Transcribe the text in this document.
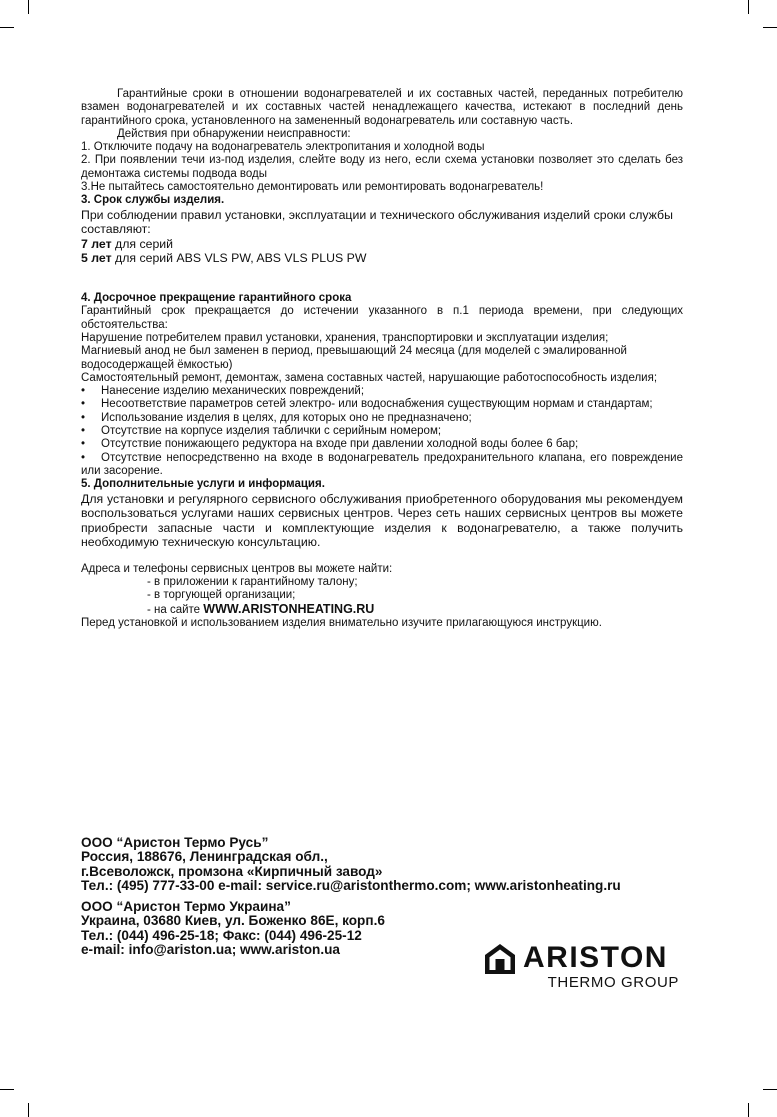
Гарантийные сроки в отношении водонагревателей и их составных частей, переданных потребителю взамен водонагревателей и их составных частей ненадлежащего качества, истекают в последний день гарантийного срока, установленного на замененный водонагреватель или составную часть.

Действия при обнаружении неисправности:

1. Отключите подачу на водонагреватель электропитания и холодной воды

2. При появлении течи из-под изделия, слейте воду из него, если схема установки позволяет это сделать без демонтажа системы подвода воды

3.Не пытайтесь самостоятельно демонтировать или ремонтировать водонагреватель!

3. Срок службы изделия.

При соблюдении правил установки, эксплуатации и технического обслуживания изделий сроки службы составляют:

7 лет для серий

5 лет для серий ABS VLS PW, ABS VLS PLUS PW

4. Досрочное прекращение гарантийного срока

Гарантийный срок прекращается до истечении указанного в п.1 периода времени, при следующих обстоятельства:

Нарушение потребителем правил установки, хранения, транспортировки и эксплуатации изделия;

Магниевый анод не был заменен в период, превышающий 24 месяца (для моделей с эмалированной водосодержащей ёмкостью)

Самостоятельный ремонт, демонтаж, замена составных частей, нарушающие работоспособность изделия;

•	Нанесение изделию механических повреждений;

• Несоответствие параметров сетей электро- или водоснабжения существующим нормам и стандартам;

•	Использование изделия в целях, для которых оно не предназначено;
•	Отсутствие на корпусе изделия таблички с серийным номером;
•	Отсутствие понижающего редуктора на входе при давлении холодной воды более 6 бар;

• Отсутствие непосредственно на входе в водонагреватель предохранительного клапана, его повреждение или засорение.

5. Дополнительные услуги и информация.

Для установки и регулярного сервисного обслуживания приобретенного оборудования мы рекомендуем воспользоваться услугами наших сервисных центров. Через сеть наших сервисных центров вы можете приобрести запасные части и комплектующие изделия к водонагревателю, а также получить необходимую техническую консультацию.

Адреса и телефоны сервисных центров вы можете найти:

- в приложении к гарантийному талону;

- в торгующей организации;

- на сайте WWW.ARISTONHEATING.RU

Перед установкой и использованием изделия внимательно изучите прилагающуюся инструкцию.

ООО “Аристон Термо Русь”

Россия, 188676, Ленинградская обл.,

г.Всеволожск, промзона «Кирпичный завод»

Тел.: (495) 777-33-00 e-mail: service.ru@aristonthermo.com; www.aristonheating.ru

ООО “Аристон Термо Украина”

Украина, 03680 Киев, ул. Боженко 86Е, корп.6

Тел.: (044) 496-25-18; Факс: (044) 496-25-12

e-mail: info@ariston.ua; www.ariston.ua	ARISTON
THERMO GROUP
